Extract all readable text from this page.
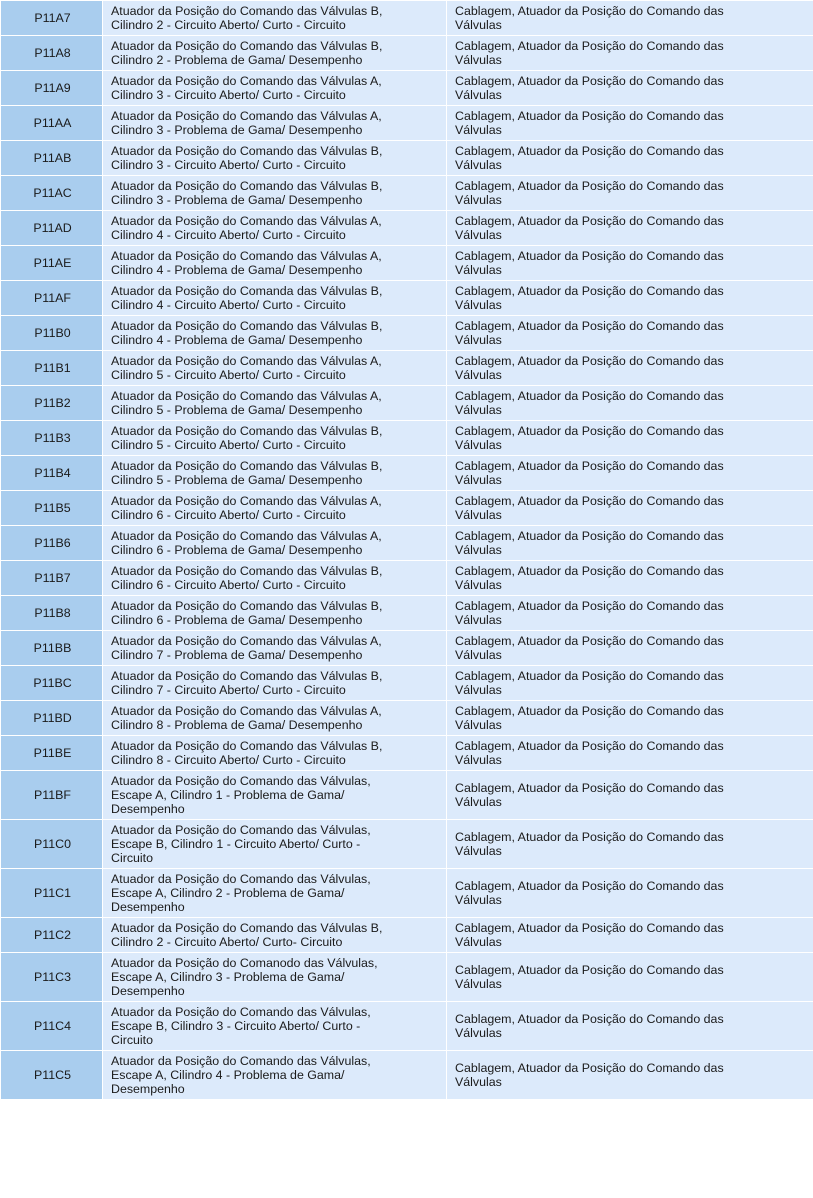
P11A7	Atuador da Posição do Comando das Válvulas B,
Cilindro 2 - Circuito Aberto/ Curto - Circuito	Cablagem, Atuador da Posição do Comando das
Válvulas
P11A8	Atuador da Posição do Comando das Válvulas B,
Cilindro 2 - Problema de Gama/ Desempenho	Cablagem, Atuador da Posição do Comando das
Válvulas
P11A9	Atuador da Posição do Comando das Válvulas A,
Cilindro 3 - Circuito Aberto/ Curto - Circuito	Cablagem, Atuador da Posição do Comando das
Válvulas
P11AA	Atuador da Posição do Comando das Válvulas A,
Cilindro 3 - Problema de Gama/ Desempenho	Cablagem, Atuador da Posição do Comando das
Válvulas
P11AB	Atuador da Posição do Comando das Válvulas B,
Cilindro 3 - Circuito Aberto/ Curto - Circuito	Cablagem, Atuador da Posição do Comando das
Válvulas
P11AC	Atuador da Posição do Comando das Válvulas B,
Cilindro 3 - Problema de Gama/ Desempenho	Cablagem, Atuador da Posição do Comando das
Válvulas
P11AD	Atuador da Posição do Comando das Válvulas A,
Cilindro 4 - Circuito Aberto/ Curto - Circuito	Cablagem, Atuador da Posição do Comando das
Válvulas
P11AE	Atuador da Posição do Comando das Válvulas A,
Cilindro 4 - Problema de Gama/ Desempenho	Cablagem, Atuador da Posição do Comando das
Válvulas
P11AF	Atuador da Posição do Comanda das Válvulas B,
Cilindro 4 - Circuito Aberto/ Curto - Circuito	Cablagem, Atuador da Posição do Comando das
Válvulas
P11B0	Atuador da Posição do Comando das Válvulas B,
Cilindro 4 - Problema de Gama/ Desempenho	Cablagem, Atuador da Posição do Comando das
Válvulas
P11B1	Atuador da Posição do Comando das Válvulas A,
Cilindro 5 - Circuito Aberto/ Curto - Circuito	Cablagem, Atuador da Posição do Comando das
Válvulas
P11B2	Atuador da Posição do Comando das Válvulas A,
Cilindro 5 - Problema de Gama/ Desempenho	Cablagem, Atuador da Posição do Comando das
Válvulas
P11B3	Atuador da Posição do Comando das Válvulas B,
Cilindro 5 - Circuito Aberto/ Curto - Circuito	Cablagem, Atuador da Posição do Comando das
Válvulas
P11B4	Atuador da Posição do Comando das Válvulas B,
Cilindro 5 - Problema de Gama/ Desempenho	Cablagem, Atuador da Posição do Comando das
Válvulas
P11B5	Atuador da Posição do Comando das Válvulas A,
Cilindro 6 - Circuito Aberto/ Curto - Circuito	Cablagem, Atuador da Posição do Comando das
Válvulas
P11B6	Atuador da Posição do Comando das Válvulas A,
Cilindro 6 - Problema de Gama/ Desempenho	Cablagem, Atuador da Posição do Comando das
Válvulas
P11B7	Atuador da Posição do Comando das Válvulas B,
Cilindro 6 - Circuito Aberto/ Curto - Circuito	Cablagem, Atuador da Posição do Comando das
Válvulas
P11B8	Atuador da Posição do Comando das Válvulas B,
Cilindro 6 - Problema de Gama/ Desempenho	Cablagem, Atuador da Posição do Comando das
Válvulas
P11BB	Atuador da Posição do Comando das Válvulas A,
Cilindro 7 - Problema de Gama/ Desempenho	Cablagem, Atuador da Posição do Comando das
Válvulas
P11BC	Atuador da Posição do Comando das Válvulas B,
Cilindro 7 - Circuito Aberto/ Curto - Circuito	Cablagem, Atuador da Posição do Comando das
Válvulas
P11BD	Atuador da Posição do Comando das Válvulas A,
Cilindro 8 - Problema de Gama/ Desempenho	Cablagem, Atuador da Posição do Comando das
Válvulas
P11BE	Atuador da Posição do Comando das Válvulas B,
Cilindro 8 - Circuito Aberto/ Curto - Circuito	Cablagem, Atuador da Posição do Comando das
Válvulas
P11BF	Atuador da Posição do Comando das Válvulas,
Escape A, Cilindro 1 - Problema de Gama/
Desempenho	Cablagem, Atuador da Posição do Comando das
Válvulas
P11C0	Atuador da Posição do Comando das Válvulas,
Escape B, Cilindro 1 - Circuito Aberto/ Curto -
Circuito	Cablagem, Atuador da Posição do Comando das
Válvulas
P11C1	Atuador da Posição do Comando das Válvulas,
Escape A, Cilindro 2 - Problema de Gama/
Desempenho	Cablagem, Atuador da Posição do Comando das
Válvulas
P11C2	Atuador da Posição do Comando das Válvulas B,
Cilindro 2 - Circuito Aberto/ Curto- Circuito	Cablagem, Atuador da Posição do Comando das
Válvulas
P11C3	Atuador da Posição do Comanodo das Válvulas,
Escape A, Cilindro 3 - Problema de Gama/
Desempenho	Cablagem, Atuador da Posição do Comando das
Válvulas
P11C4	Atuador da Posição do Comando das Válvulas,
Escape B, Cilindro 3 - Circuito Aberto/ Curto -
Circuito	Cablagem, Atuador da Posição do Comando das
Válvulas
P11C5	Atuador da Posição do Comando das Válvulas,
Escape A, Cilindro 4 - Problema de Gama/
Desempenho	Cablagem, Atuador da Posição do Comando das
Válvulas
